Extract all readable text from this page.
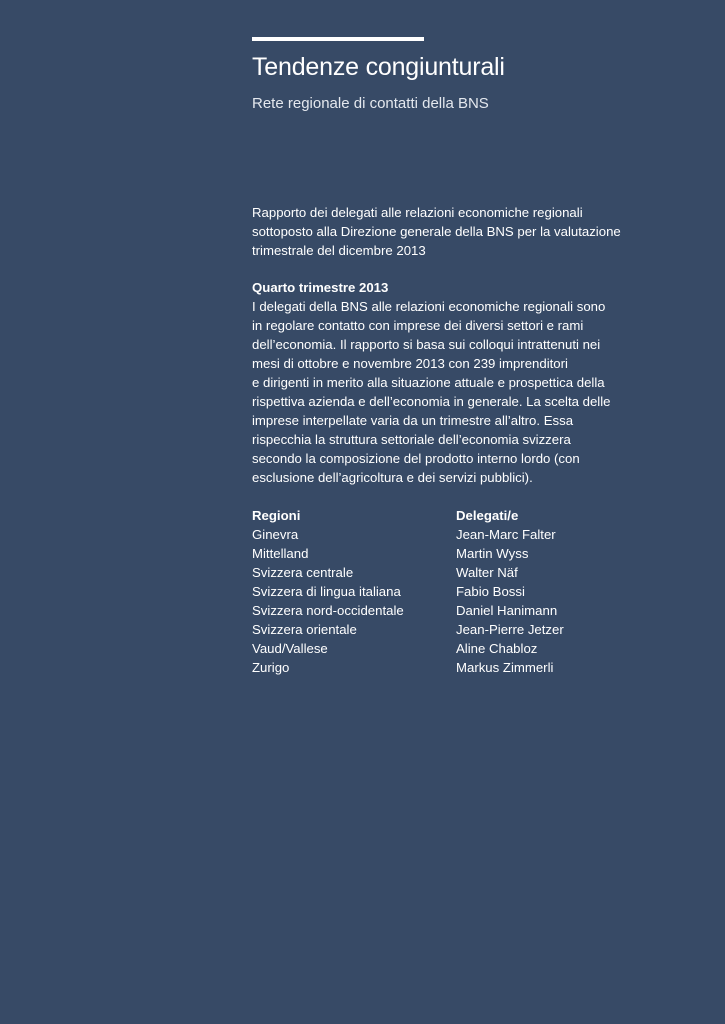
Tendenze congiunturali
Rete regionale di contatti della BNS

Rapporto dei delegati alle relazioni economiche regionali

sottoposto alla Direzione generale della BNS per la valutazione

trimestrale del dicembre 2013

Quarto trimestre 2013

I delegati della BNS alle relazioni economiche regionali sono

in regolare contatto con imprese dei diversi settori e rami

dell’economia. Il rapporto si basa sui colloqui intrattenuti nei

mesi di ottobre e novembre 2013 con 239 imprenditori

e dirigenti in merito alla situazione attuale e prospettica della

rispettiva azienda e dell’economia in generale. La scelta delle

imprese interpellate varia da un trimestre all’altro. Essa

rispecchia la struttura settoriale dell’economia svizzera

secondo la composizione del prodotto interno lordo (con

esclusione dell’agricoltura e dei servizi pubblici).

Regioni	Delegati/e
Ginevra	Jean-Marc Falter
Mittelland	Martin Wyss
Svizzera centrale	Walter Näf
Svizzera di lingua italiana	Fabio Bossi
Svizzera nord-occidentale	Daniel Hanimann
Svizzera orientale	Jean-Pierre Jetzer
Vaud/Vallese	Aline Chabloz
Zurigo	Markus Zimmerli
